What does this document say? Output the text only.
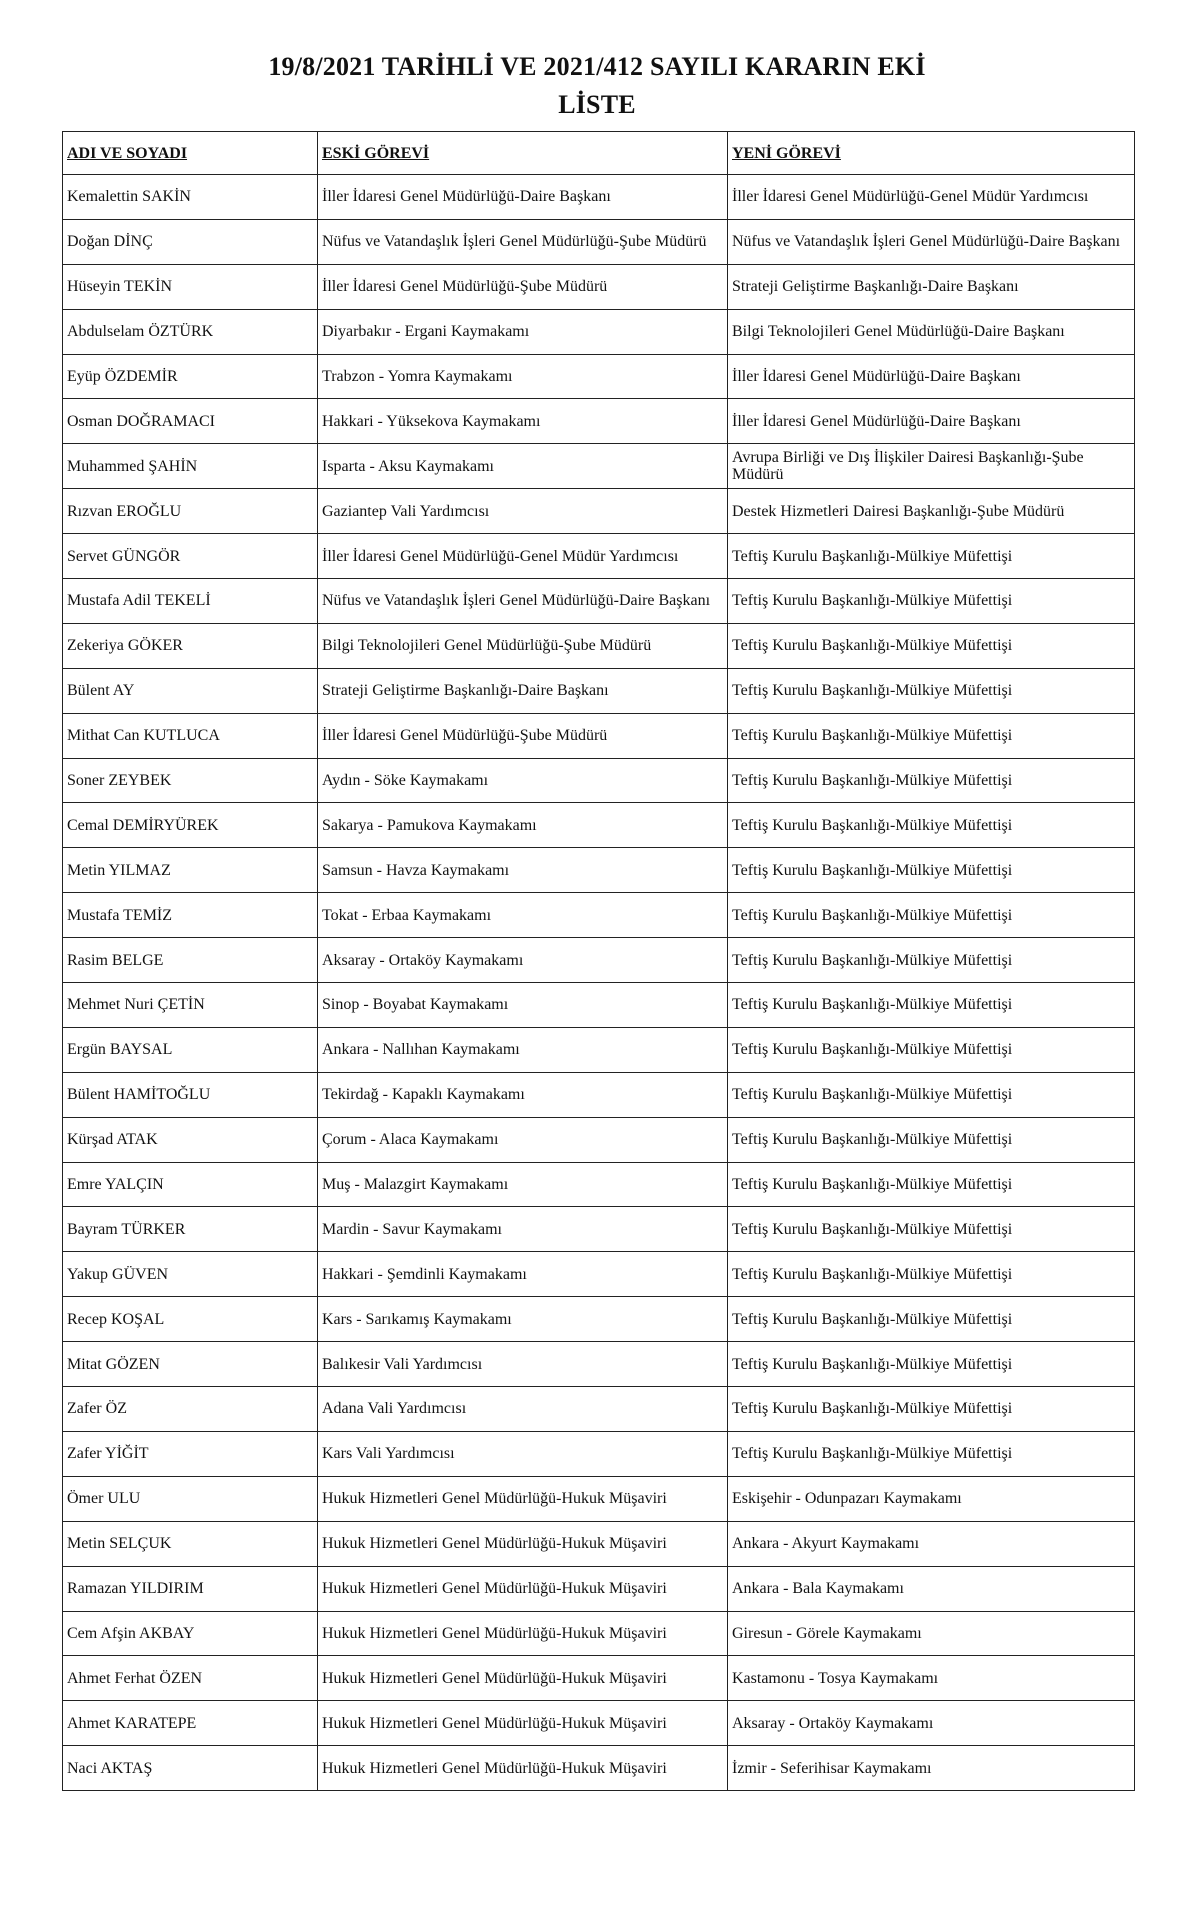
19/8/2021 TARİHLİ VE 2021/412 SAYILI KARARIN EKİ
LİSTE
ADI VE SOYADI	ESKİ GÖREVİ	YENİ GÖREVİ
Kemalettin SAKİN	İller İdaresi Genel Müdürlüğü-Daire Başkanı	İller İdaresi Genel Müdürlüğü-Genel Müdür Yardımcısı
Doğan DİNÇ	Nüfus ve Vatandaşlık İşleri Genel Müdürlüğü-Şube Müdürü	Nüfus ve Vatandaşlık İşleri Genel Müdürlüğü-Daire Başkanı
Hüseyin TEKİN	İller İdaresi Genel Müdürlüğü-Şube Müdürü	Strateji Geliştirme Başkanlığı-Daire Başkanı
Abdulselam ÖZTÜRK	Diyarbakır - Ergani Kaymakamı	Bilgi Teknolojileri Genel Müdürlüğü-Daire Başkanı
Eyüp ÖZDEMİR	Trabzon - Yomra Kaymakamı	İller İdaresi Genel Müdürlüğü-Daire Başkanı
Osman DOĞRAMACI	Hakkari - Yüksekova Kaymakamı	İller İdaresi Genel Müdürlüğü-Daire Başkanı
Muhammed ŞAHİN	Isparta - Aksu Kaymakamı	Avrupa Birliği ve Dış İlişkiler Dairesi Başkanlığı-Şube Müdürü
Rızvan EROĞLU	Gaziantep Vali Yardımcısı	Destek Hizmetleri Dairesi Başkanlığı-Şube Müdürü
Servet GÜNGÖR	İller İdaresi Genel Müdürlüğü-Genel Müdür Yardımcısı	Teftiş Kurulu Başkanlığı-Mülkiye Müfettişi
Mustafa Adil TEKELİ	Nüfus ve Vatandaşlık İşleri Genel Müdürlüğü-Daire Başkanı	Teftiş Kurulu Başkanlığı-Mülkiye Müfettişi
Zekeriya GÖKER	Bilgi Teknolojileri Genel Müdürlüğü-Şube Müdürü	Teftiş Kurulu Başkanlığı-Mülkiye Müfettişi
Bülent AY	Strateji Geliştirme Başkanlığı-Daire Başkanı	Teftiş Kurulu Başkanlığı-Mülkiye Müfettişi
Mithat Can KUTLUCA	İller İdaresi Genel Müdürlüğü-Şube Müdürü	Teftiş Kurulu Başkanlığı-Mülkiye Müfettişi
Soner ZEYBEK	Aydın - Söke Kaymakamı	Teftiş Kurulu Başkanlığı-Mülkiye Müfettişi
Cemal DEMİRYÜREK	Sakarya - Pamukova Kaymakamı	Teftiş Kurulu Başkanlığı-Mülkiye Müfettişi
Metin YILMAZ	Samsun - Havza Kaymakamı	Teftiş Kurulu Başkanlığı-Mülkiye Müfettişi
Mustafa TEMİZ	Tokat - Erbaa Kaymakamı	Teftiş Kurulu Başkanlığı-Mülkiye Müfettişi
Rasim BELGE	Aksaray - Ortaköy Kaymakamı	Teftiş Kurulu Başkanlığı-Mülkiye Müfettişi
Mehmet Nuri ÇETİN	Sinop - Boyabat Kaymakamı	Teftiş Kurulu Başkanlığı-Mülkiye Müfettişi
Ergün BAYSAL	Ankara - Nallıhan Kaymakamı	Teftiş Kurulu Başkanlığı-Mülkiye Müfettişi
Bülent HAMİTOĞLU	Tekirdağ - Kapaklı Kaymakamı	Teftiş Kurulu Başkanlığı-Mülkiye Müfettişi
Kürşad ATAK	Çorum - Alaca Kaymakamı	Teftiş Kurulu Başkanlığı-Mülkiye Müfettişi
Emre YALÇIN	Muş - Malazgirt Kaymakamı	Teftiş Kurulu Başkanlığı-Mülkiye Müfettişi
Bayram TÜRKER	Mardin - Savur Kaymakamı	Teftiş Kurulu Başkanlığı-Mülkiye Müfettişi
Yakup GÜVEN	Hakkari - Şemdinli Kaymakamı	Teftiş Kurulu Başkanlığı-Mülkiye Müfettişi
Recep KOŞAL	Kars - Sarıkamış Kaymakamı	Teftiş Kurulu Başkanlığı-Mülkiye Müfettişi
Mitat GÖZEN	Balıkesir Vali Yardımcısı	Teftiş Kurulu Başkanlığı-Mülkiye Müfettişi
Zafer ÖZ	Adana Vali Yardımcısı	Teftiş Kurulu Başkanlığı-Mülkiye Müfettişi
Zafer YİĞİT	Kars Vali Yardımcısı	Teftiş Kurulu Başkanlığı-Mülkiye Müfettişi
Ömer ULU	Hukuk Hizmetleri Genel Müdürlüğü-Hukuk Müşaviri	Eskişehir - Odunpazarı Kaymakamı
Metin SELÇUK	Hukuk Hizmetleri Genel Müdürlüğü-Hukuk Müşaviri	Ankara - Akyurt Kaymakamı
Ramazan YILDIRIM	Hukuk Hizmetleri Genel Müdürlüğü-Hukuk Müşaviri	Ankara - Bala Kaymakamı
Cem Afşin AKBAY	Hukuk Hizmetleri Genel Müdürlüğü-Hukuk Müşaviri	Giresun - Görele Kaymakamı
Ahmet Ferhat ÖZEN	Hukuk Hizmetleri Genel Müdürlüğü-Hukuk Müşaviri	Kastamonu - Tosya Kaymakamı
Ahmet KARATEPE	Hukuk Hizmetleri Genel Müdürlüğü-Hukuk Müşaviri	Aksaray - Ortaköy Kaymakamı
Naci AKTAŞ	Hukuk Hizmetleri Genel Müdürlüğü-Hukuk Müşaviri	İzmir - Seferihisar Kaymakamı
